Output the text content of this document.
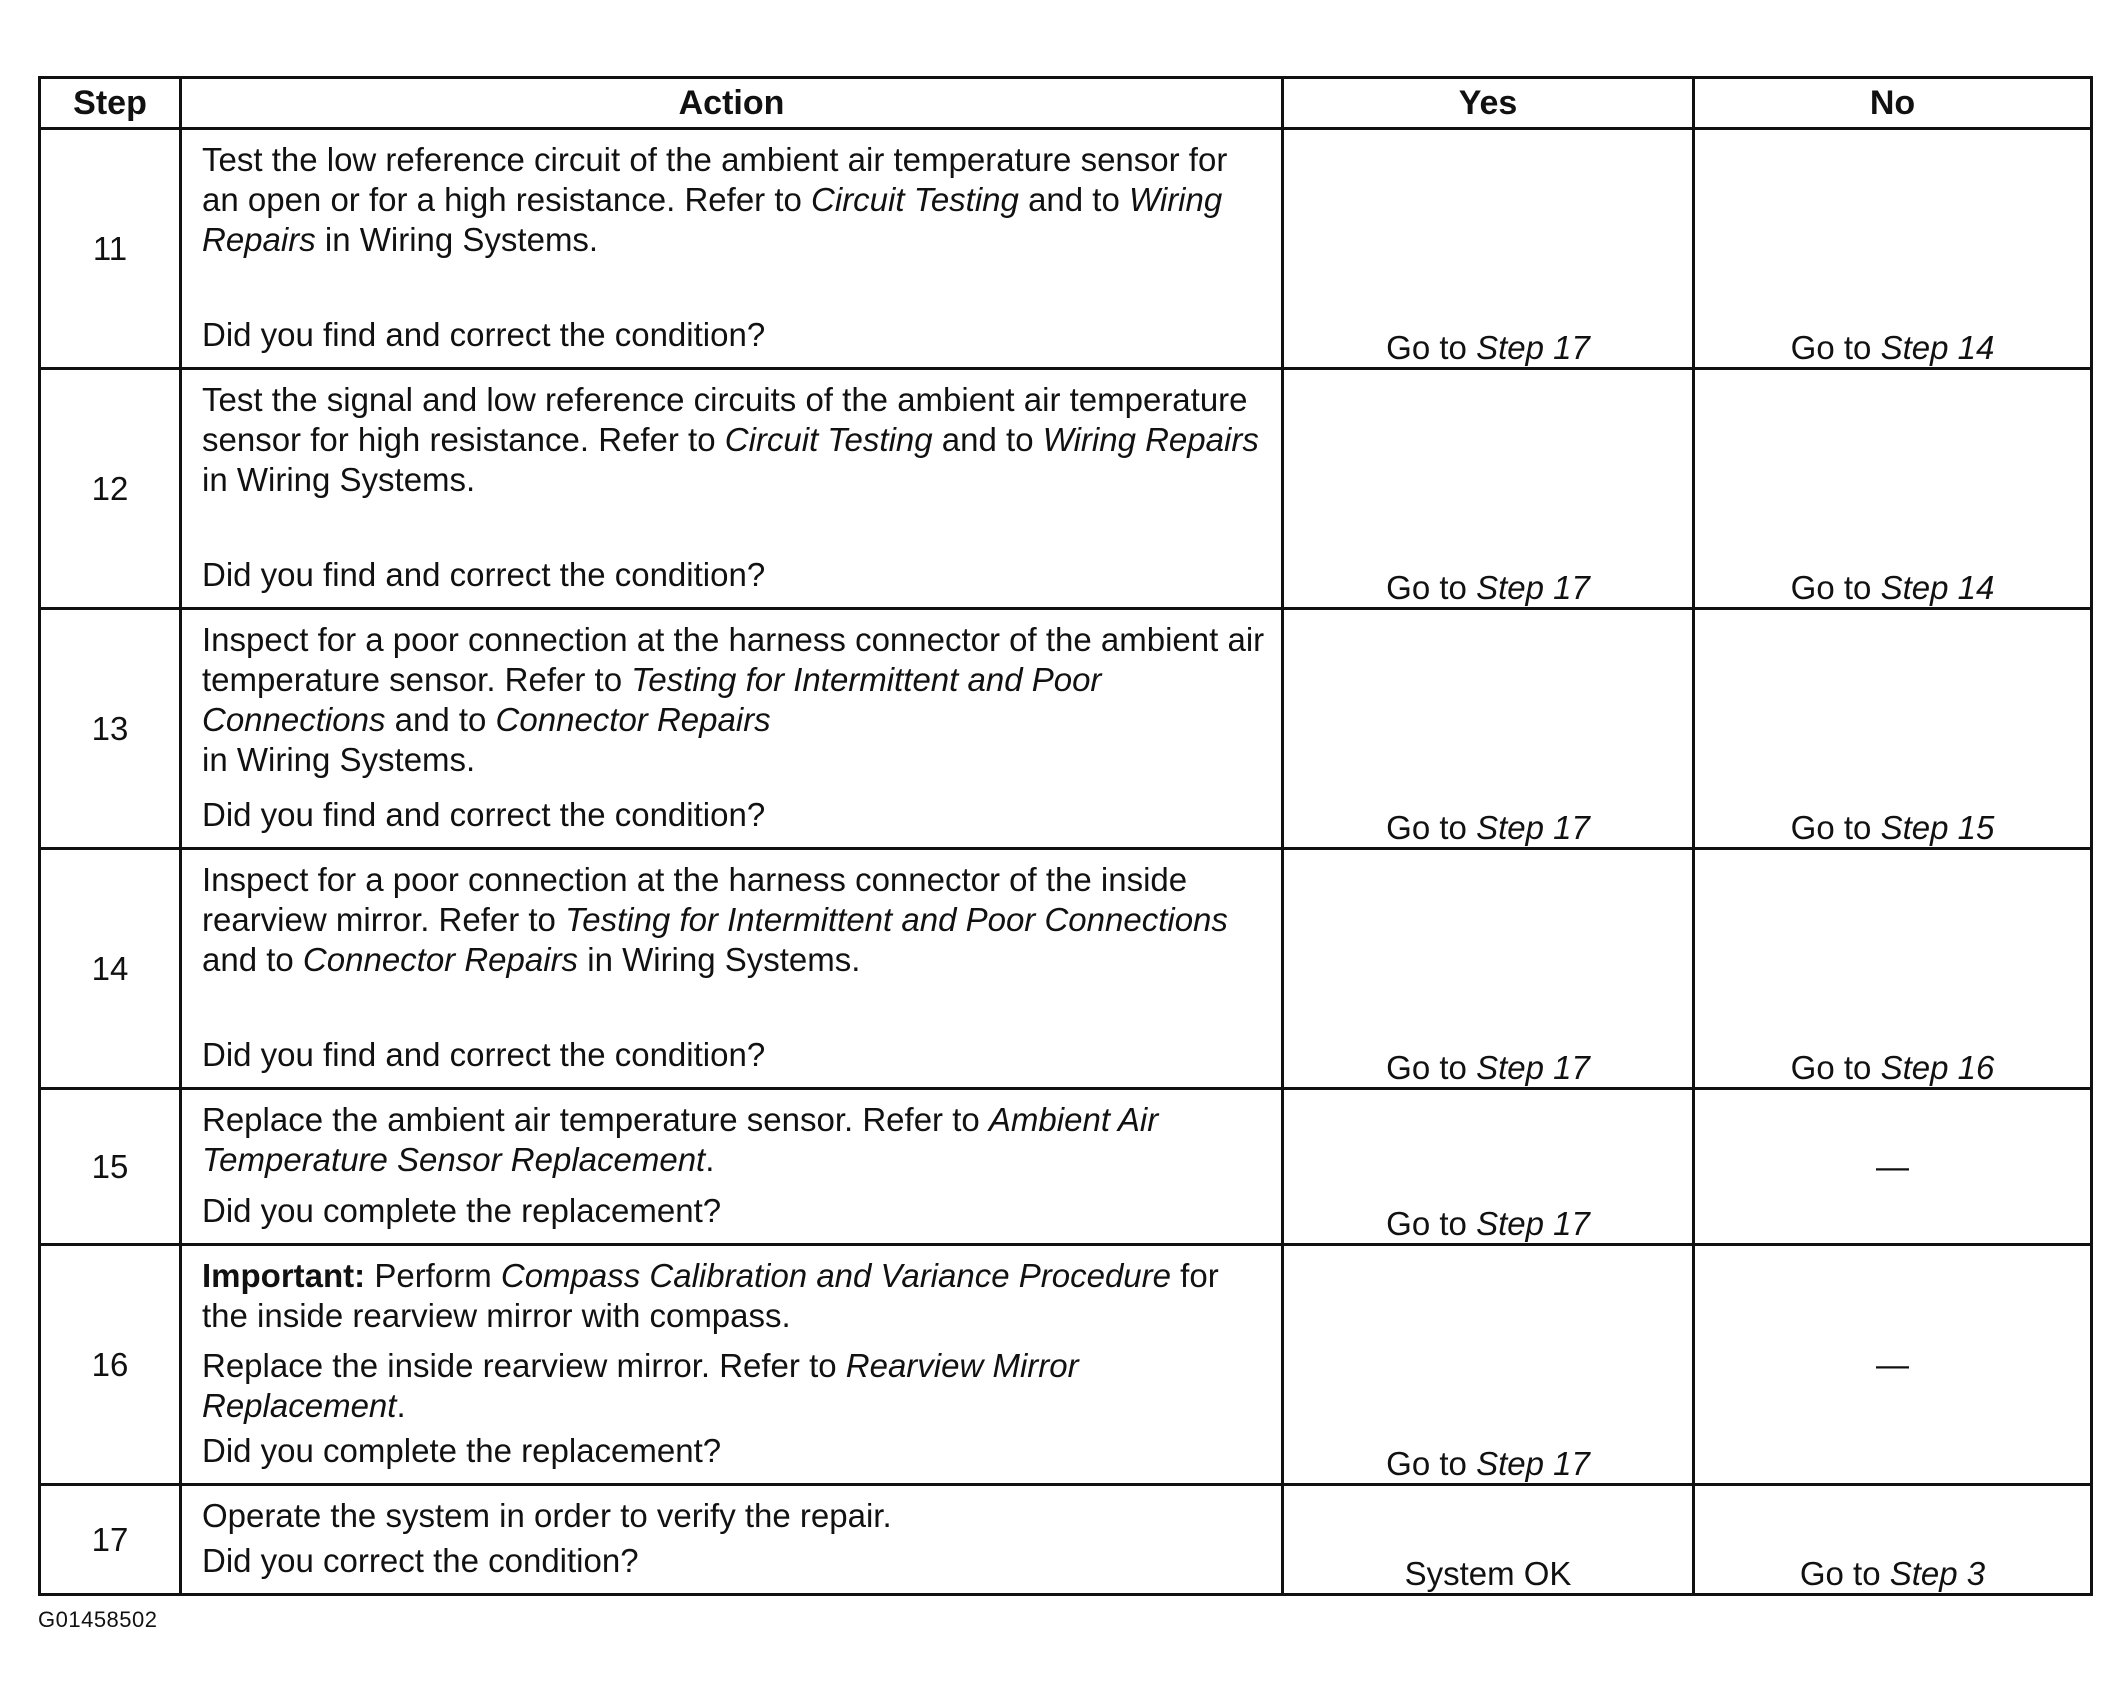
Step	Action	Yes	No
11	Test the low reference circuit of the ambient air temperature sensor for an open or for a high resistance. Refer to Circuit Testing and to Wiring Repairs in Wiring Systems.

Did you find and correct the condition?	Go to Step 17	Go to Step 14
12	Test the signal and low reference circuits of the ambient air temperature sensor for high resistance. Refer to Circuit Testing and to Wiring Repairs in Wiring Systems.

Did you find and correct the condition?	Go to Step 17	Go to Step 14
13	Inspect for a poor connection at the harness connector of the ambient air temperature sensor. Refer to Testing for Intermittent and Poor Connections and to Connector Repairs
in Wiring Systems.

Did you find and correct the condition?	Go to Step 17	Go to Step 15
14	Inspect for a poor connection at the harness connector of the inside rearview mirror. Refer to Testing for Intermittent and Poor Connections and to Connector Repairs in Wiring Systems.

Did you find and correct the condition?	Go to Step 17	Go to Step 16
15	Replace the ambient air temperature sensor. Refer to Ambient Air Temperature Sensor Replacement.

Did you complete the replacement?	Go to Step 17	—
16	Important: Perform Compass Calibration and Variance Procedure for the inside rearview mirror with compass.

Replace the inside rearview mirror. Refer to Rearview Mirror Replacement.

Did you complete the replacement?	Go to Step 17	—
17	Operate the system in order to verify the repair.

Did you correct the condition?	System OK	Go to Step 3
G01458502
